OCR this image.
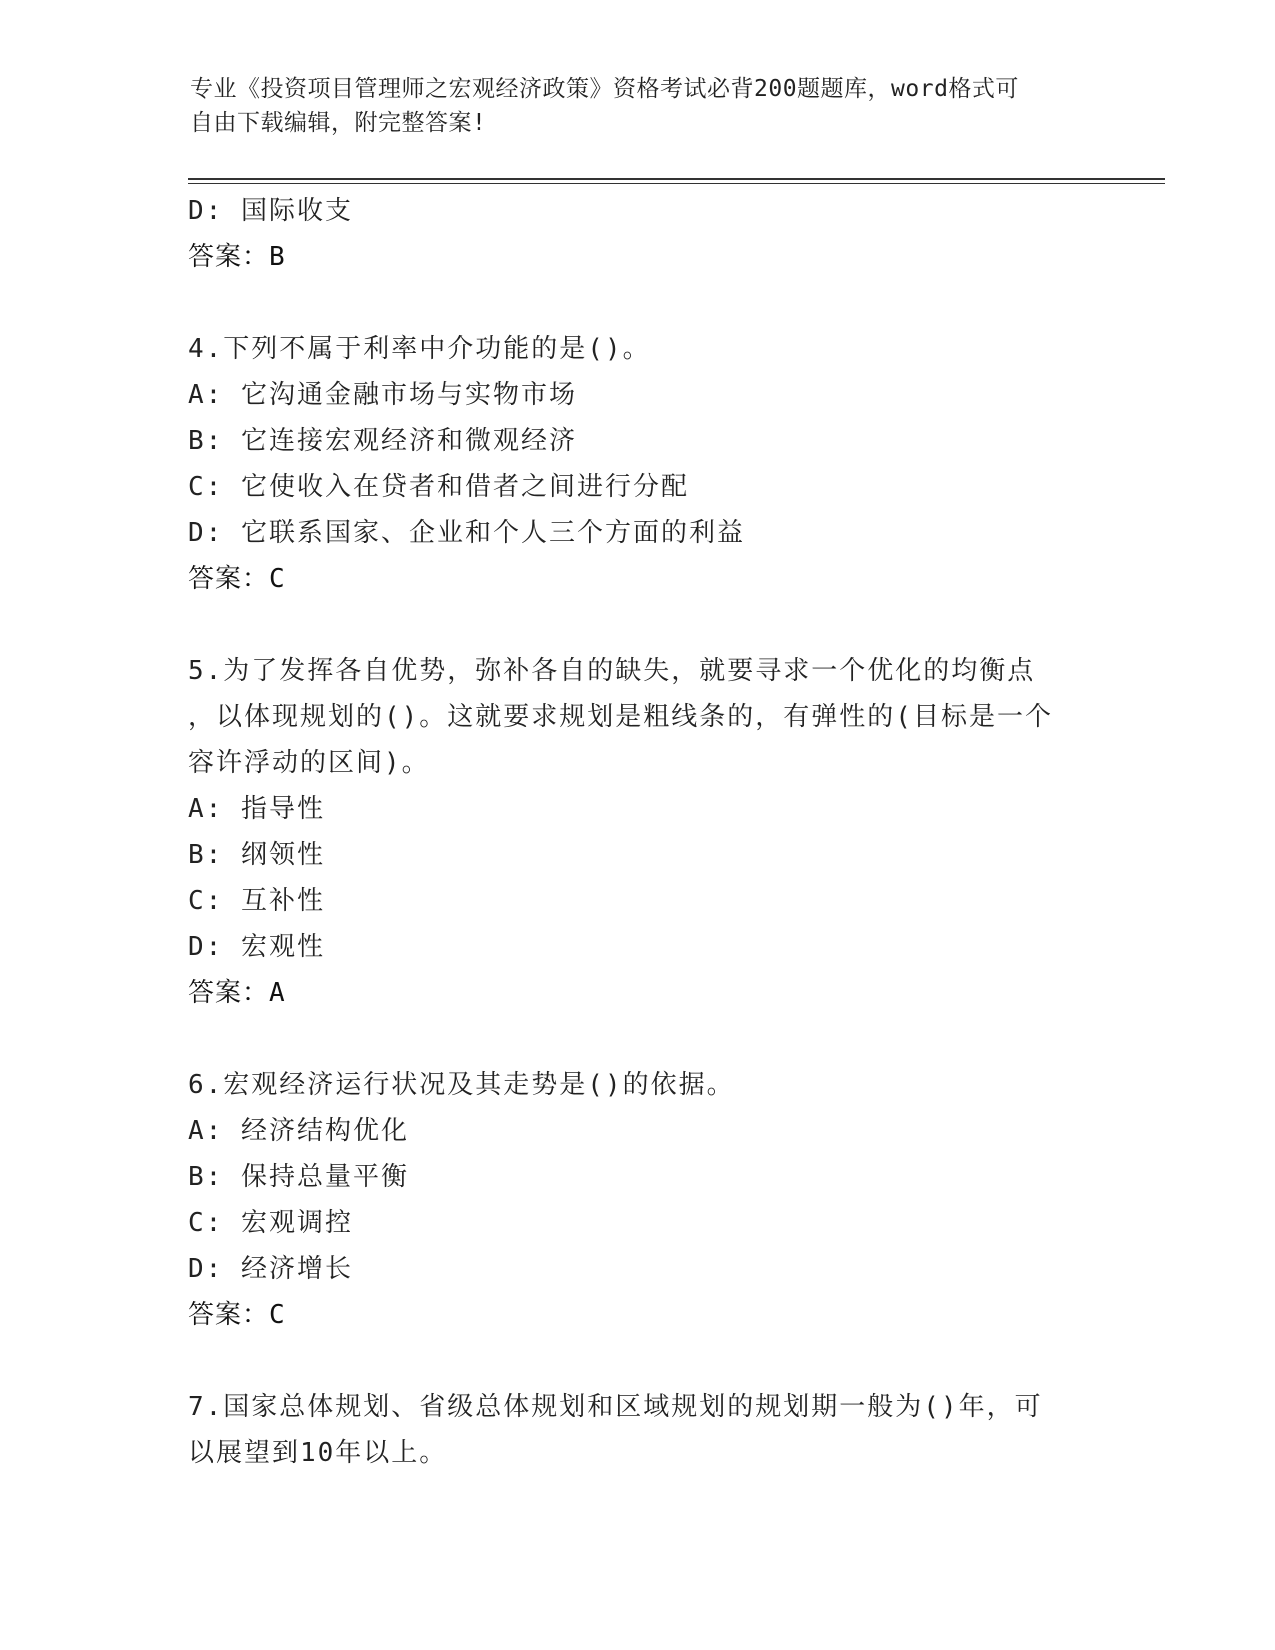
专业《投资项目管理师之宏观经济政策》资格考试必背200题题库，word格式可
自由下载编辑，附完整答案!
D: 国际收支
答案：B
4.下列不属于利率中介功能的是()。
A: 它沟通金融市场与实物市场
B: 它连接宏观经济和微观经济
C: 它使收入在贷者和借者之间进行分配
D: 它联系国家、企业和个人三个方面的利益
答案：C
5.为了发挥各自优势，弥补各自的缺失，就要寻求一个优化的均衡点
，以体现规划的()。这就要求规划是粗线条的，有弹性的(目标是一个
容许浮动的区间)。
A: 指导性
B: 纲领性
C: 互补性
D: 宏观性
答案：A
6.宏观经济运行状况及其走势是()的依据。
A: 经济结构优化
B: 保持总量平衡
C: 宏观调控
D: 经济增长
答案：C
7.国家总体规划、省级总体规划和区域规划的规划期一般为()年，可
以展望到10年以上。
